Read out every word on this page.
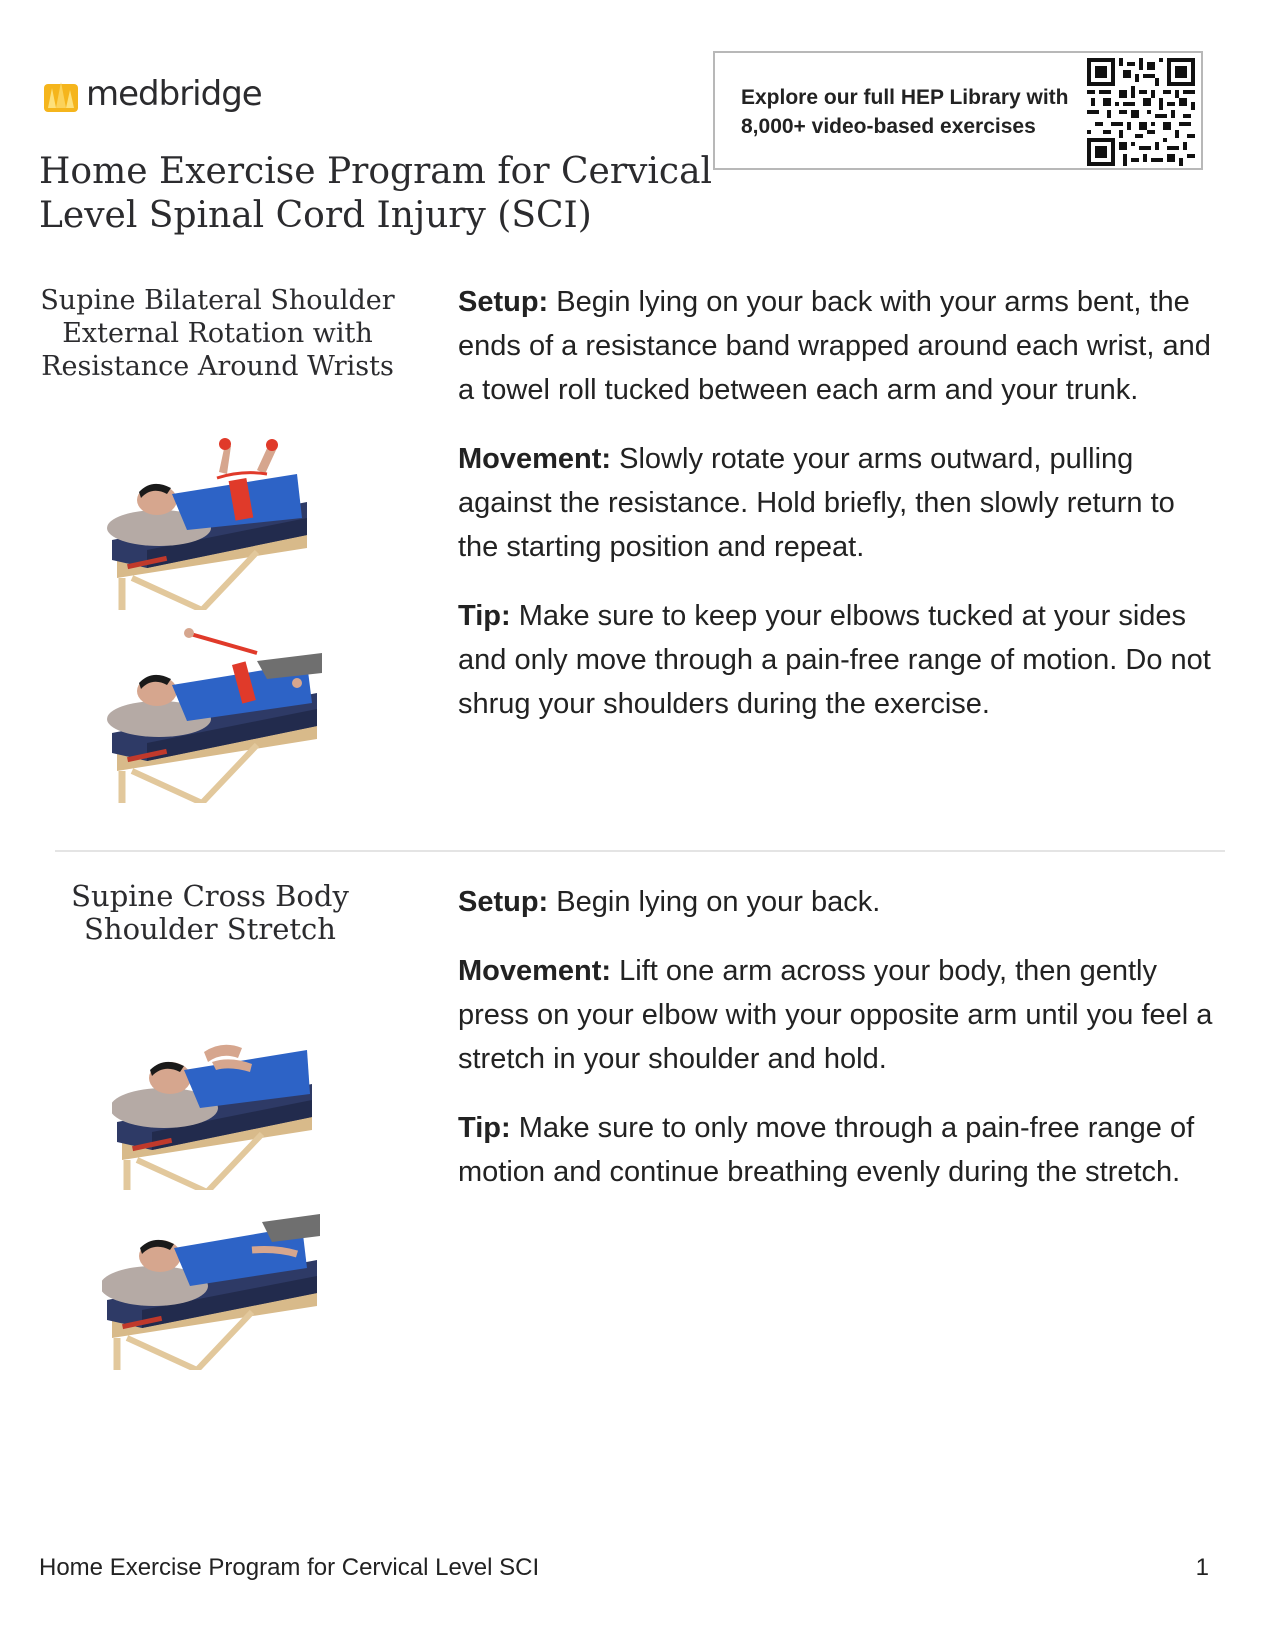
medbridge	Explore our full HEP Library with
8,000+ video-based exercises
Home Exercise Program for Cervical
Level Spinal Cord Injury (SCI)
Supine Bilateral Shoulder
External Rotation with
Resistance Around Wrists

Setup: Begin lying on your back with your arms bent, the ends of a resistance band wrapped around each wrist, and a towel roll tucked between each arm and your trunk.

Movement: Slowly rotate your arms outward, pulling against the resistance. Hold briefly, then slowly return to the starting position and repeat.

Tip: Make sure to keep your elbows tucked at your sides and only move through a pain-free range of motion. Do not shrug your shoulders during the exercise.

Supine Cross Body
Shoulder Stretch

Setup: Begin lying on your back.

Movement: Lift one arm across your body, then gently press on your elbow with your opposite arm until you feel a stretch in your shoulder and hold.

Tip: Make sure to only move through a pain-free range of motion and continue breathing evenly during the stretch.

Home Exercise Program for Cervical Level SCI	1
